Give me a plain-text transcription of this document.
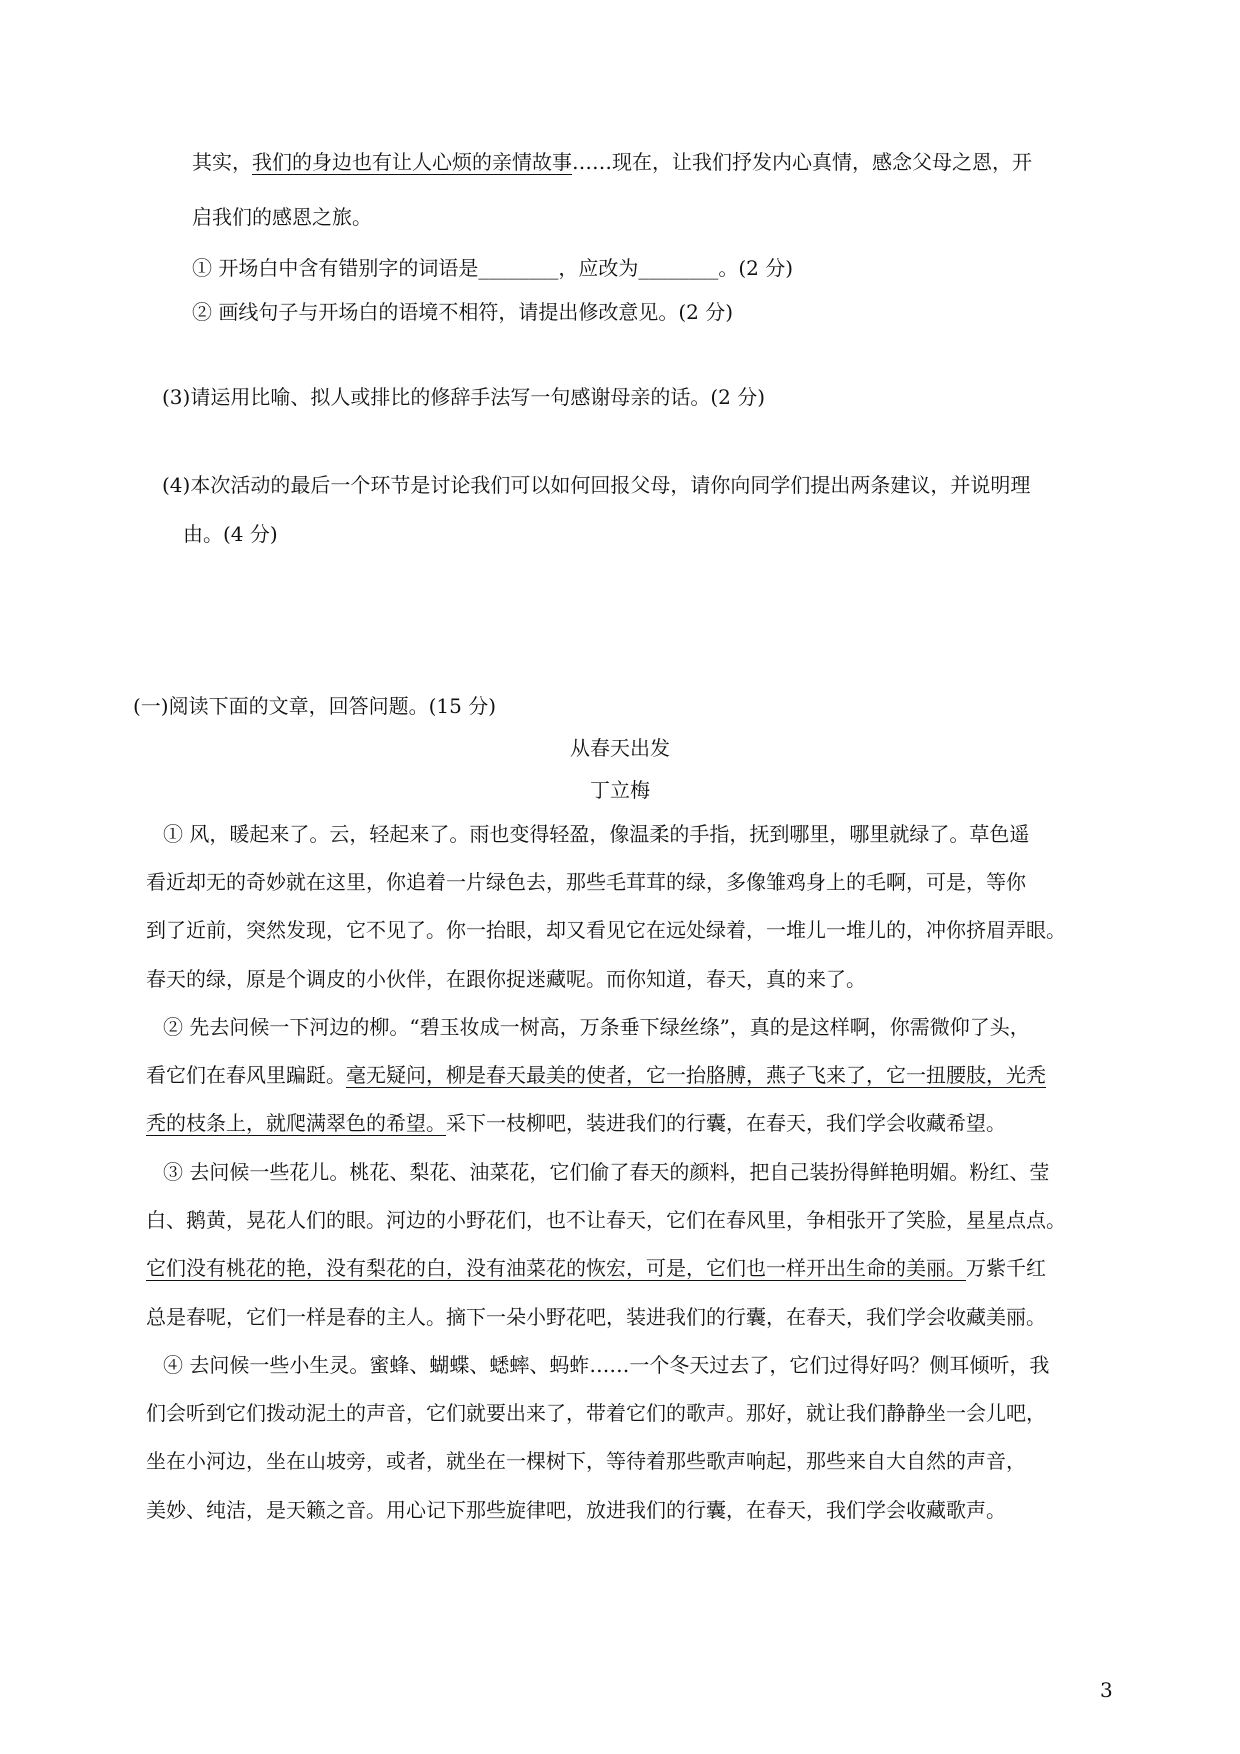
其实，我们的身边也有让人心烦的亲情故事……现在，让我们抒发内心真情，感念父母之恩，开
启我们的感恩之旅。
① 开场白中含有错别字的词语是________，应改为________。(2 分)
② 画线句子与开场白的语境不相符，请提出修改意见。(2 分)
(3)请运用比喻、拟人或排比的修辞手法写一句感谢母亲的话。(2 分)
(4)本次活动的最后一个环节是讨论我们可以如何回报父母，请你向同学们提出两条建议，并说明理
由。(4 分)
(一)阅读下面的文章，回答问题。(15 分)
从春天出发
丁立梅
① 风，暖起来了。云，轻起来了。雨也变得轻盈，像温柔的手指，抚到哪里，哪里就绿了。草色遥
看近却无的奇妙就在这里，你追着一片绿色去，那些毛茸茸的绿，多像雏鸡身上的毛啊，可是，等你
到了近前，突然发现，它不见了。你一抬眼，却又看见它在远处绿着，一堆儿一堆儿的，冲你挤眉弄眼。
春天的绿，原是个调皮的小伙伴，在跟你捉迷藏呢。而你知道，春天，真的来了。
② 先去问候一下河边的柳。“碧玉妆成一树高，万条垂下绿丝绦”，真的是这样啊，你需微仰了头，
看它们在春风里蹁跹。毫无疑问，柳是春天最美的使者，它一抬胳膊，燕子飞来了，它一扭腰肢，光秃
秃的枝条上，就爬满翠色的希望。采下一枝柳吧，装进我们的行囊，在春天，我们学会收藏希望。
③ 去问候一些花儿。桃花、梨花、油菜花，它们偷了春天的颜料，把自己装扮得鲜艳明媚。粉红、莹
白、鹅黄，晃花人们的眼。河边的小野花们，也不让春天，它们在春风里，争相张开了笑脸，星星点点。
它们没有桃花的艳，没有梨花的白，没有油菜花的恢宏，可是，它们也一样开出生命的美丽。万紫千红
总是春呢，它们一样是春的主人。摘下一朵小野花吧，装进我们的行囊，在春天，我们学会收藏美丽。
④ 去问候一些小生灵。蜜蜂、蝴蝶、蟋蟀、蚂蚱……一个冬天过去了，它们过得好吗？侧耳倾听，我
们会听到它们拨动泥土的声音，它们就要出来了，带着它们的歌声。那好，就让我们静静坐一会儿吧，
坐在小河边，坐在山坡旁，或者，就坐在一棵树下，等待着那些歌声响起，那些来自大自然的声音，
美妙、纯洁，是天籁之音。用心记下那些旋律吧，放进我们的行囊，在春天，我们学会收藏歌声。
3
